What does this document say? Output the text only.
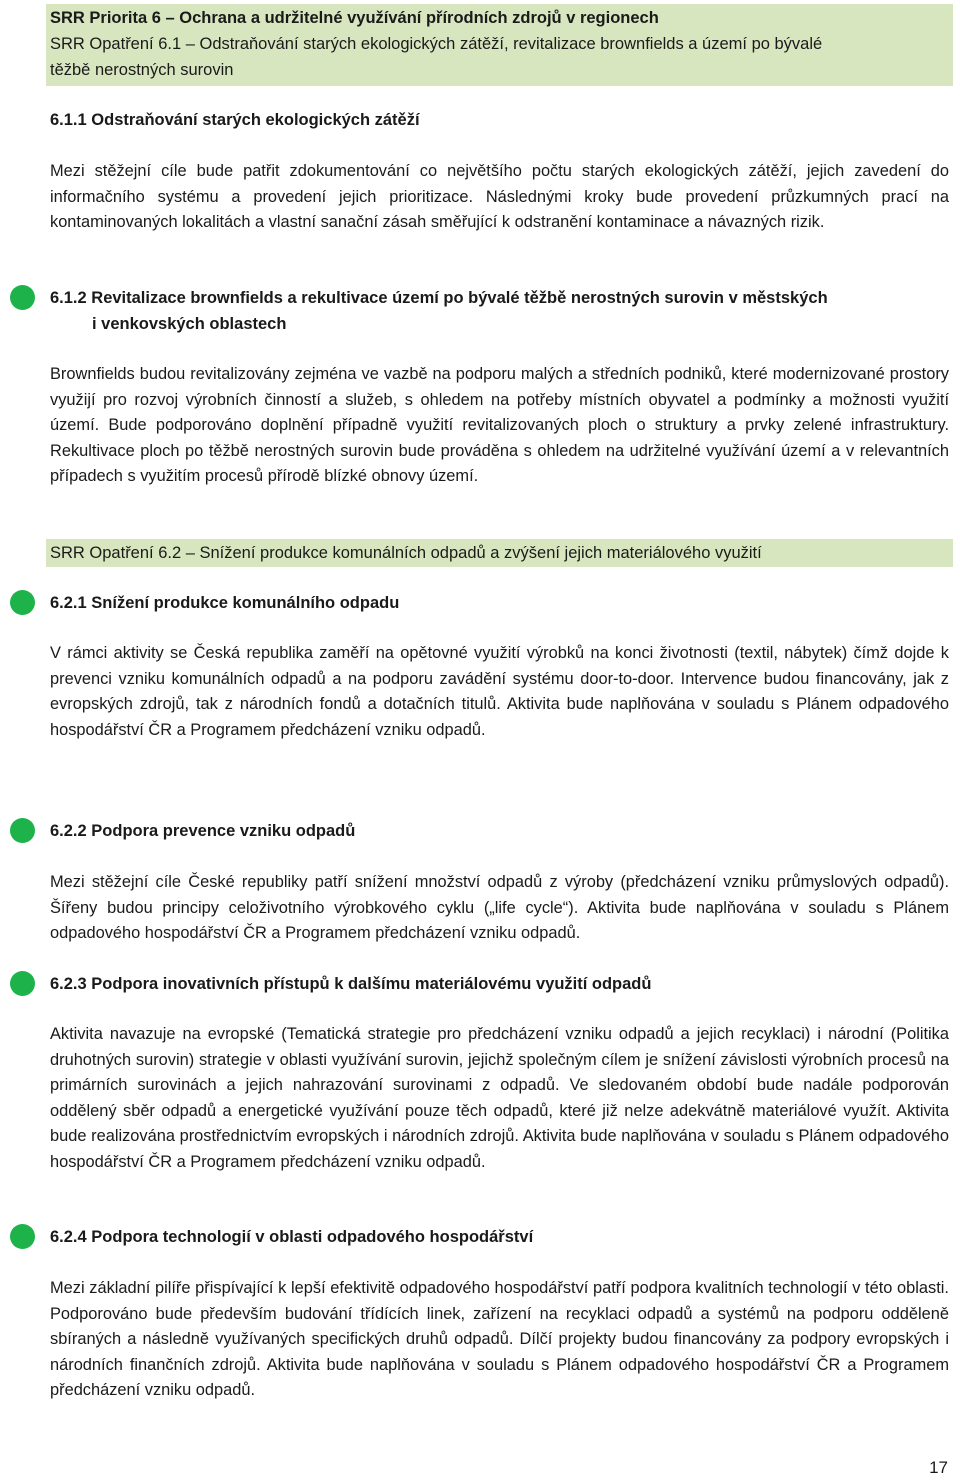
SRR Priorita 6 – Ochrana a udržitelné využívání přírodních zdrojů v regionech
SRR Opatření 6.1 – Odstraňování starých ekologických zátěží, revitalizace brownfields a území po bývalé
těžbě nerostných surovin
6.1.1 Odstraňování starých ekologických zátěží
Mezi stěžejní cíle bude patřit zdokumentování co největšího počtu starých ekologických zátěží, jejich zavedení do informačního systému a provedení jejich prioritizace. Následnými kroky bude provedení průzkumných prací na kontaminovaných lokalitách a vlastní sanační zásah směřující k odstranění kontaminace a návazných rizik.
6.1.2 Revitalizace brownfields a rekultivace území po bývalé těžbě nerostných surovin v městských
i venkovských oblastech
Brownfields budou revitalizovány zejména ve vazbě na podporu malých a středních podniků, které modernizované prostory využijí pro rozvoj výrobních činností a služeb, s ohledem na potřeby místních obyvatel a podmínky a možnosti využití území. Bude podporováno doplnění případně využití revitalizovaných ploch o struktury a prvky zelené infrastruktury. Rekultivace ploch po těžbě nerostných surovin bude prováděna s ohledem na udržitelné využívání území a v relevantních případech s využitím procesů přírodě blízké obnovy území.
SRR Opatření 6.2 – Snížení produkce komunálních odpadů a zvýšení jejich materiálového využití
6.2.1 Snížení produkce komunálního odpadu
V rámci aktivity se Česká republika zaměří na opětovné využití výrobků na konci životnosti (textil, nábytek) čímž dojde k prevenci vzniku komunálních odpadů a na podporu zavádění systému door-to-door. Intervence budou financovány, jak z evropských zdrojů, tak z národních fondů a dotačních titulů. Aktivita bude naplňována v souladu s Plánem odpadového hospodářství ČR a Programem předcházení vzniku odpadů.
6.2.2 Podpora prevence vzniku odpadů
Mezi stěžejní cíle České republiky patří snížení množství odpadů z výroby (předcházení vzniku průmyslových odpadů). Šířeny budou principy celoživotního výrobkového cyklu („life cycle“). Aktivita bude naplňována v souladu s Plánem odpadového hospodářství ČR a Programem předcházení vzniku odpadů.
6.2.3 Podpora inovativních přístupů k dalšímu materiálovému využití odpadů
Aktivita navazuje na evropské (Tematická strategie pro předcházení vzniku odpadů a jejich recyklaci) i národní (Politika druhotných surovin) strategie v oblasti využívání surovin, jejichž společným cílem je snížení závislosti výrobních procesů na primárních surovinách a jejich nahrazování surovinami z odpadů. Ve sledovaném období bude nadále podporován oddělený sběr odpadů a energetické využívání pouze těch odpadů, které již nelze adekvátně materiálové využít. Aktivita bude realizována prostřednictvím evropských i národních zdrojů. Aktivita bude naplňována v souladu s Plánem odpadového hospodářství ČR a Programem předcházení vzniku odpadů.
6.2.4 Podpora technologií v oblasti odpadového hospodářství
Mezi základní pilíře přispívající k lepší efektivitě odpadového hospodářství patří podpora kvalitních technologií v této oblasti. Podporováno bude především budování třídících linek, zařízení na recyklaci odpadů a systémů na podporu odděleně sbíraných a následně využívaných specifických druhů odpadů. Dílčí projekty budou financovány za podpory evropských i národních finančních zdrojů. Aktivita bude naplňována v souladu s Plánem odpadového hospodářství ČR a Programem předcházení vzniku odpadů.
17
